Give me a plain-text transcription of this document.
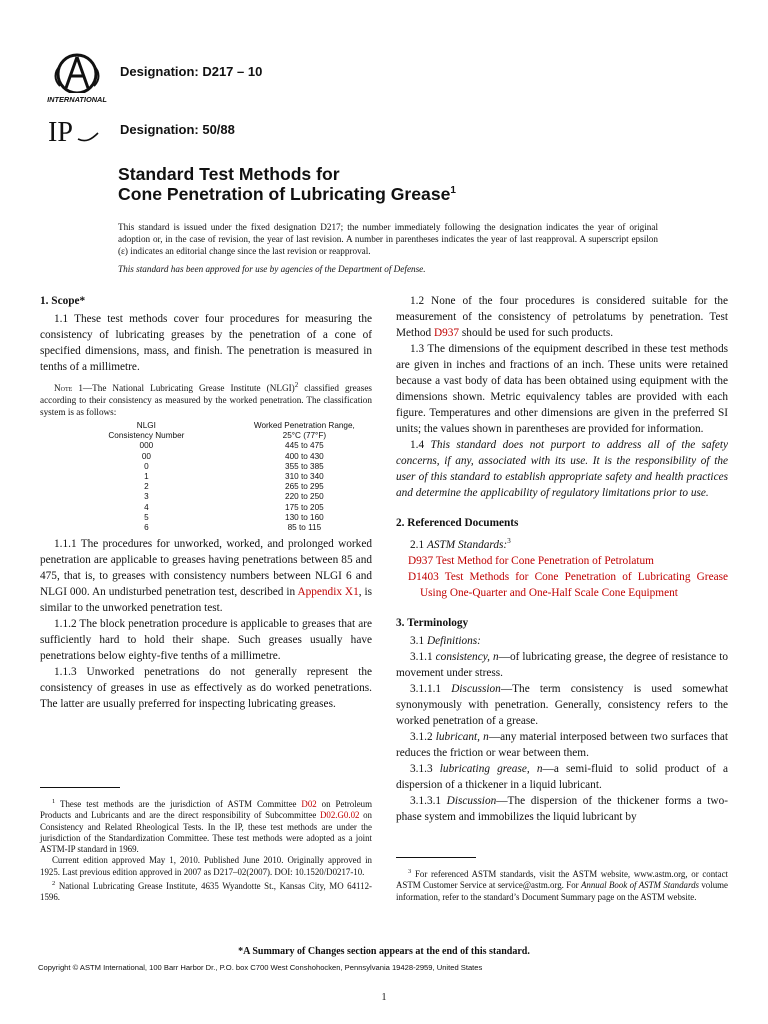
INTERNATIONAL
IP
Designation: D217 – 10
Designation: 50/88
Standard Test Methods for
Cone Penetration of Lubricating Grease$^1$
This standard is issued under the fixed designation D217; the number immediately following the designation indicates the year of original adoption or, in the case of revision, the year of last revision. A number in parentheses indicates the year of last reapproval. A superscript epsilon (ε) indicates an editorial change since the last revision or reapproval.
This standard has been approved for use by agencies of the Department of Defense.

1. Scope*

1.1 These test methods cover four procedures for measuring the consistency of lubricating greases by the penetration of a cone of specified dimensions, mass, and finish. The penetration is measured in tenths of a millimetre.

Note 1—The National Lubricating Grease Institute (NLGI)$^2$ classified greases according to their consistency as measured by the worked penetration. The classification system is as follows:

NLGI
Consistency Number	Worked Penetration Range,
25°C (77°F)
000	445 to 475
00	400 to 430
0	355 to 385
1	310 to 340
2	265 to 295
3	220 to 250
4	175 to 205
5	130 to 160
6	85 to 115

1.1.1 The procedures for unworked, worked, and prolonged worked penetration are applicable to greases having penetrations between 85 and 475, that is, to greases with consistency numbers between NLGI 6 and NLGI 000. An undisturbed penetration test, described in Appendix X1, is similar to the unworked penetration test.

1.1.2 The block penetration procedure is applicable to greases that are sufficiently hard to hold their shape. Such greases usually have penetrations below eighty-five tenths of a millimetre.

1.1.3 Unworked penetrations do not generally represent the consistency of greases in use as effectively as do worked penetrations. The latter are usually preferred for inspecting lubricating greases.

$^1$ These test methods are the jurisdiction of ASTM Committee D02 on Petroleum Products and Lubricants and are the direct responsibility of Subcommittee D02.G0.02 on Consistency and Related Rheological Tests. In the IP, these test methods are under the jurisdiction of the Standardization Committee. These test methods were adopted as a joint ASTM-IP standard in 1969.

Current edition approved May 1, 2010. Published June 2010. Originally approved in 1925. Last previous edition approved in 2007 as D217–02(2007). DOI: 10.1520/D0217-10.

$^2$ National Lubricating Grease Institute, 4635 Wyandotte St., Kansas City, MO 64112-1596.

1.2 None of the four procedures is considered suitable for the measurement of the consistency of petrolatums by penetration. Test Method D937 should be used for such products.

1.3 The dimensions of the equipment described in these test methods are given in inches and fractions of an inch. These units were retained because a vast body of data has been obtained using equipment with the dimensions shown. Metric equivalency tables are provided with each figure. Temperatures and other dimensions are given in the preferred SI units; the values shown in parentheses are provided for information.

1.4 This standard does not purport to address all of the safety concerns, if any, associated with its use. It is the responsibility of the user of this standard to establish appropriate safety and health practices and determine the applicability of regulatory limitations prior to use.

2. Referenced Documents

2.1 ASTM Standards:$^3$

D937 Test Method for Cone Penetration of Petrolatum

D1403 Test Methods for Cone Penetration of Lubricating Grease Using One-Quarter and One-Half Scale Cone Equipment

3. Terminology

3.1 Definitions:

3.1.1 consistency, n—of lubricating grease, the degree of resistance to movement under stress.

3.1.1.1 Discussion—The term consistency is used somewhat synonymously with penetration. Generally, consistency refers to the worked penetration of a grease.

3.1.2 lubricant, n—any material interposed between two surfaces that reduces the friction or wear between them.

3.1.3 lubricating grease, n—a semi-fluid to solid product of a dispersion of a thickener in a liquid lubricant.

3.1.3.1 Discussion—The dispersion of the thickener forms a two-phase system and immobilizes the liquid lubricant by

$^3$ For referenced ASTM standards, visit the ASTM website, www.astm.org, or contact ASTM Customer Service at service@astm.org. For Annual Book of ASTM Standards volume information, refer to the standard’s Document Summary page on the ASTM website.

*A Summary of Changes section appears at the end of this standard.
Copyright © ASTM International, 100 Barr Harbor Dr., P.O. box C700 West Conshohocken, Pennsylvania 19428-2959, United States
1
